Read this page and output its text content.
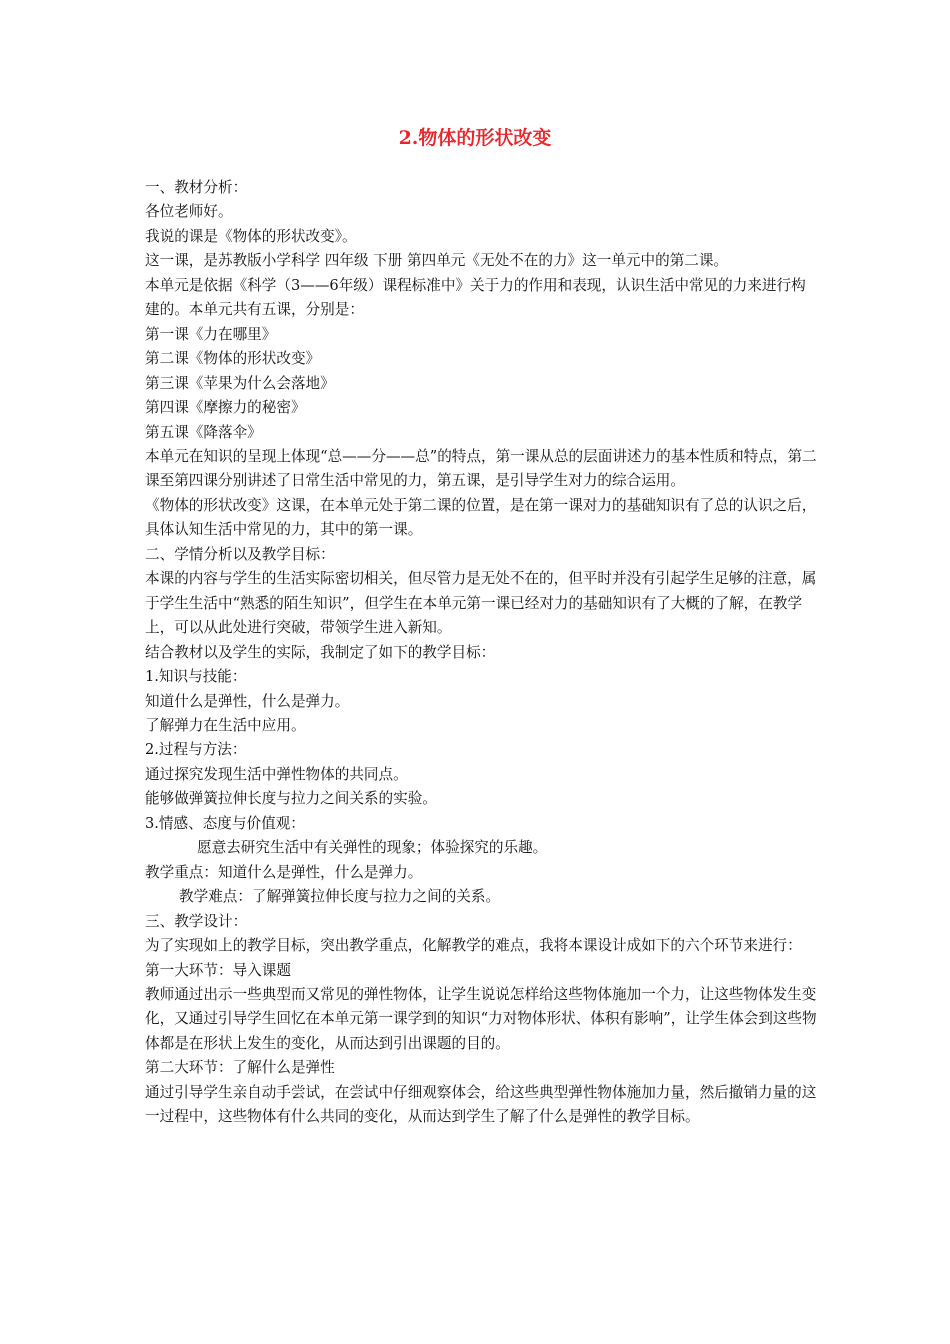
2.物体的形状改变

一、教材分析：

各位老师好。

我说的课是《物体的形状改变》。

这一课，是苏教版小学科学 四年级 下册 第四单元《无处不在的力》这一单元中的第二课。

本单元是依据《科学（3——6年级）课程标准中》关于力的作用和表现，认识生活中常见的力来进行构建的。本单元共有五课，分别是：

第一课《力在哪里》

第二课《物体的形状改变》

第三课《苹果为什么会落地》

第四课《摩擦力的秘密》

第五课《降落伞》

本单元在知识的呈现上体现“总——分——总”的特点，第一课从总的层面讲述力的基本性质和特点，第二课至第四课分别讲述了日常生活中常见的力，第五课，是引导学生对力的综合运用。

《物体的形状改变》这课，在本单元处于第二课的位置，是在第一课对力的基础知识有了总的认识之后，具体认知生活中常见的力，其中的第一课。

二、学情分析以及教学目标：

本课的内容与学生的生活实际密切相关，但尽管力是无处不在的，但平时并没有引起学生足够的注意，属于学生生活中“熟悉的陌生知识”，但学生在本单元第一课已经对力的基础知识有了大概的了解，在教学上，可以从此处进行突破，带领学生进入新知。

结合教材以及学生的实际，我制定了如下的教学目标：

1.知识与技能：

知道什么是弹性，什么是弹力。

了解弹力在生活中应用。

2.过程与方法：

通过探究发现生活中弹性物体的共同点。

能够做弹簧拉伸长度与拉力之间关系的实验。

3.情感、态度与价值观：

愿意去研究生活中有关弹性的现象；体验探究的乐趣。

教学重点：知道什么是弹性，什么是弹力。

教学难点：了解弹簧拉伸长度与拉力之间的关系。

三、教学设计：

为了实现如上的教学目标，突出教学重点，化解教学的难点，我将本课设计成如下的六个环节来进行：

第一大环节：导入课题

教师通过出示一些典型而又常见的弹性物体，让学生说说怎样给这些物体施加一个力，让这些物体发生变化，又通过引导学生回忆在本单元第一课学到的知识“力对物体形状、体积有影响”，让学生体会到这些物体都是在形状上发生的变化，从而达到引出课题的目的。

第二大环节：了解什么是弹性

通过引导学生亲自动手尝试，在尝试中仔细观察体会，给这些典型弹性物体施加力量，然后撤销力量的这一过程中，这些物体有什么共同的变化，从而达到学生了解了什么是弹性的教学目标。
